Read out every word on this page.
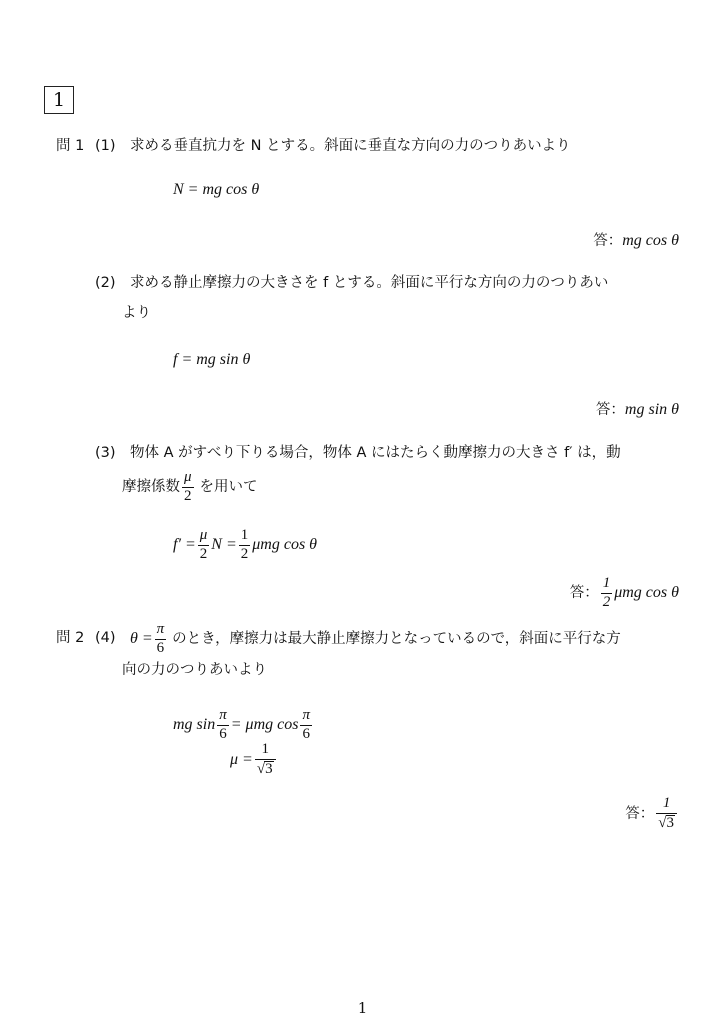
1
問 1 (1) 求める垂直抗力を N とする。斜面に垂直な方向の力のつりあいより
N = mg cos θ
答：mg cos θ
(2) 求める静止摩擦力の大きさを f とする。斜面に平行な方向の力のつりあい
より
f = mg sin θ
答：mg sin θ
(3) 物体 A がすべり下りる場合，物体 A にはたらく動摩擦力の大きさ f′ は，動
摩擦係数 $\frac{\mu}{2}$ を用いて
$f' = \frac{\mu}{2}$ $N = \frac{1}{2}$ μmg cos θ
答： $\frac{1}{2}$ μmg cos θ
問 2 (4) $\theta = \frac{\pi}{6}$ のとき，摩擦力は最大静止摩擦力となっているので，斜面に平行な方
向の力のつりあいより
mg $\sin \frac{\pi}{6} = \mu mg$ $\cos \frac{\pi}{6}$
$\mu = \frac{1}{√ 3}$
答： $\frac{1}{√ 3}$
1
